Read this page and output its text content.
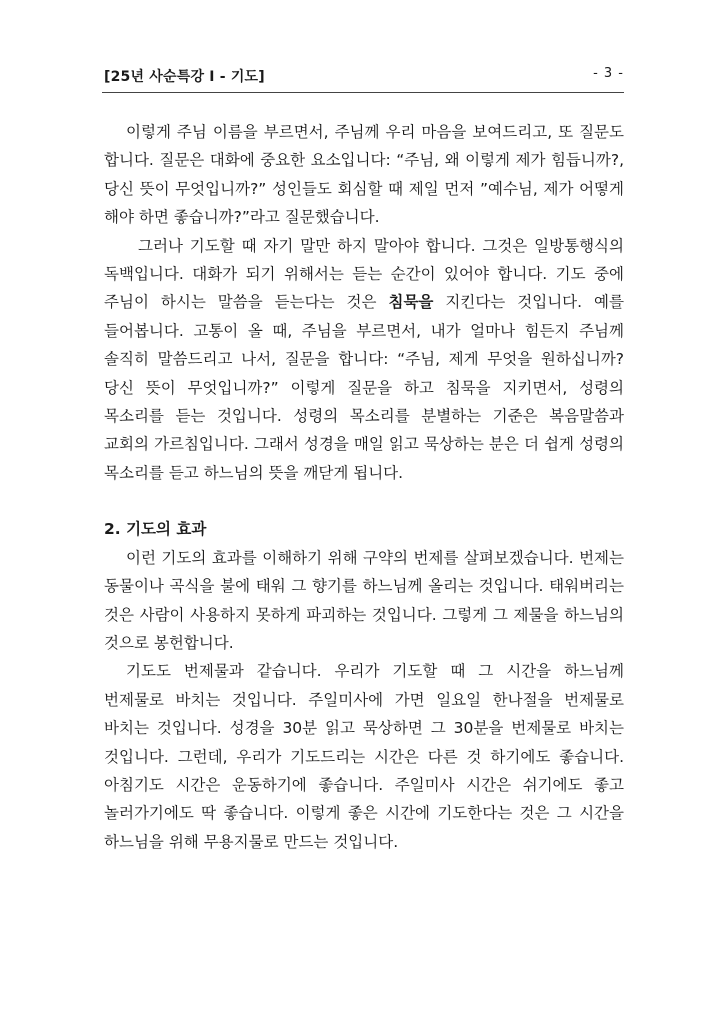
[25년 사순특강 Ⅰ - 기도]	- 3 -

이렇게 주님 이름을 부르면서, 주님께 우리 마음을 보여드리고, 또 질문도 합니다. 질문은 대화에 중요한 요소입니다: “주님, 왜 이렇게 제가 힘듭니까?, 당신 뜻이 무엇입니까?” 성인들도 회심할 때 제일 먼저 ”예수님, 제가 어떻게 해야 하면 좋습니까?”라고 질문했습니다.

그러나 기도할 때 자기 말만 하지 말아야 합니다. 그것은 일방통행식의 독백입니다. 대화가 되기 위해서는 듣는 순간이 있어야 합니다. 기도 중에 주님이 하시는 말씀을 듣는다는 것은 침묵을 지킨다는 것입니다. 예를 들어봅니다. 고통이 올 때, 주님을 부르면서, 내가 얼마나 힘든지 주님께 솔직히 말씀드리고 나서, 질문을 합니다: “주님, 제게 무엇을 원하십니까? 당신 뜻이 무엇입니까?” 이렇게 질문을 하고 침묵을 지키면서, 성령의 목소리를 듣는 것입니다. 성령의 목소리를 분별하는 기준은 복음말씀과 교회의 가르침입니다. 그래서 성경을 매일 읽고 묵상하는 분은 더 쉽게 성령의 목소리를 듣고 하느님의 뜻을 깨닫게 됩니다.

2. 기도의 효과

이런 기도의 효과를 이해하기 위해 구약의 번제를 살펴보겠습니다. 번제는 동물이나 곡식을 불에 태워 그 향기를 하느님께 올리는 것입니다. 태워버리는 것은 사람이 사용하지 못하게 파괴하는 것입니다. 그렇게 그 제물을 하느님의 것으로 봉헌합니다.

기도도 번제물과 같습니다. 우리가 기도할 때 그 시간을 하느님께 번제물로 바치는 것입니다. 주일미사에 가면 일요일 한나절을 번제물로 바치는 것입니다. 성경을 30분 읽고 묵상하면 그 30분을 번제물로 바치는 것입니다. 그런데, 우리가 기도드리는 시간은 다른 것 하기에도 좋습니다. 아침기도 시간은 운동하기에 좋습니다. 주일미사 시간은 쉬기에도 좋고 놀러가기에도 딱 좋습니다. 이렇게 좋은 시간에 기도한다는 것은 그 시간을 하느님을 위해 무용지물로 만드는 것입니다.
